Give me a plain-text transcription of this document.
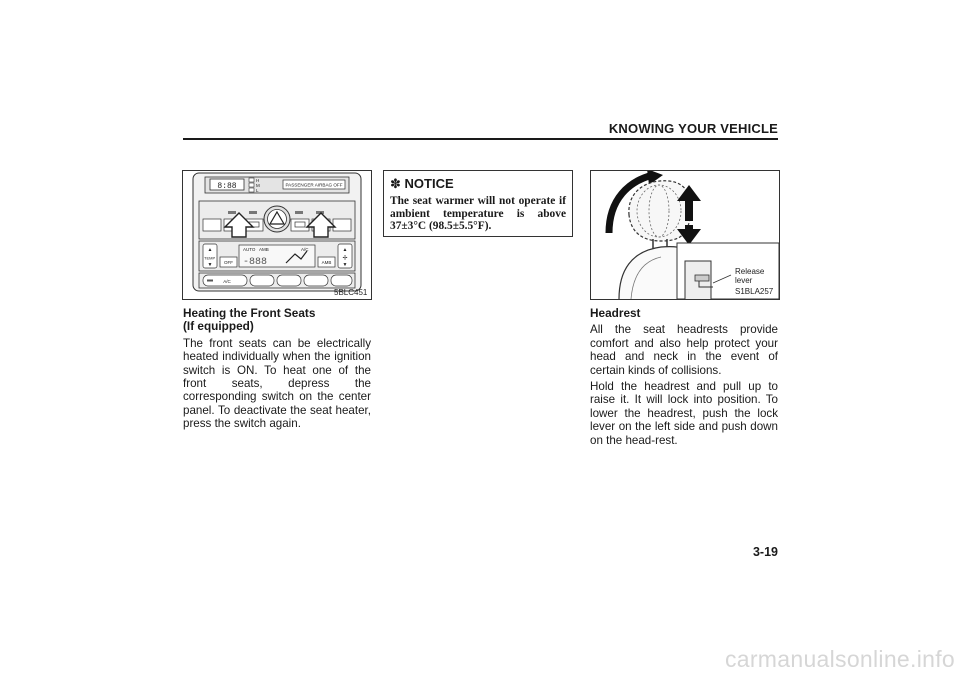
KNOWING YOUR VEHICLE
8:88
H
M
L
PASSENGER AIRBAG OFF
▲
▼
TEMP
OFF
AUTO AMB	A/C
-888	AMB
▲
▼
✢
A/C
5BLC451
Heating the Front Seats
(If equipped)

The front seats can be electrically heated individually when the ignition switch is ON. To heat one of the front seats, depress the corresponding switch on the center panel. To deactivate the seat heater, press the switch again.

✽ NOTICE
The seat warmer will not operate if ambient temperature is above 37±3°C (98.5±5.5°F).
Release
lever
S1BLA257
Headrest

All the seat headrests provide comfort and also help protect your head and neck in the event of certain kinds of collisions.

Hold the headrest and pull up to raise it. It will lock into position. To lower the headrest, push the lock lever on the left side and push down on the head-rest.

3-19
carmanualsonline.info
